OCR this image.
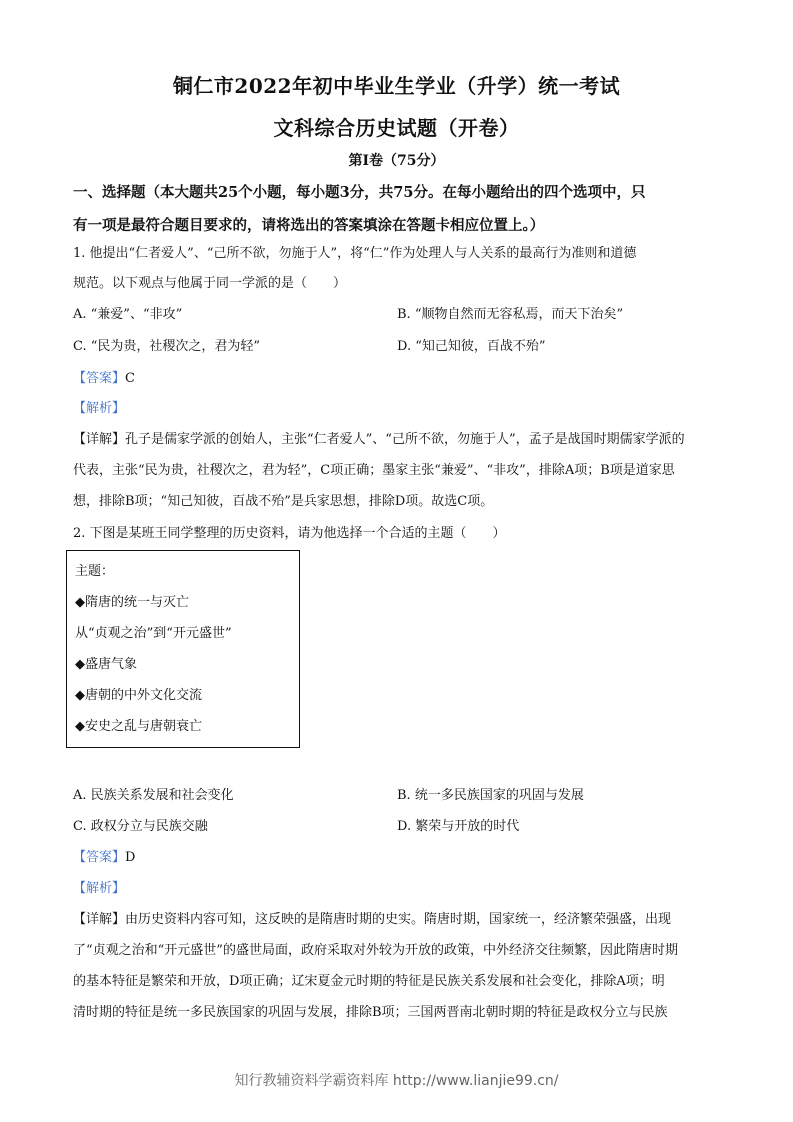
铜仁市2022年初中毕业生学业（升学）统一考试
文科综合历史试题（开卷）
第I卷（75分）
一、选择题（本大题共25个小题，每小题3分，共75分。在每小题给出的四个选项中，只
有一项是最符合题目要求的，请将选出的答案填涂在答题卡相应位置上。）
1. 他提出“仁者爱人”、“己所不欲，勿施于人”，将“仁”作为处理人与人关系的最高行为准则和道德
规范。以下观点与他属于同一学派的是（　　）
A. “兼爱”、“非攻”	B. “顺物自然而无容私焉，而天下治矣”
C. “民为贵，社稷次之，君为轻”	D. “知己知彼，百战不殆”
【答案】C
【解析】
【详解】孔子是儒家学派的创始人，主张“仁者爱人”、“己所不欲，勿施于人”，孟子是战国时期儒家学派的
代表，主张“民为贵，社稷次之，君为轻”，C项正确；墨家主张“兼爱”、“非攻”，排除A项；B项是道家思
想，排除B项；“知己知彼，百战不殆”是兵家思想，排除D项。故选C项。
2. 下图是某班王同学整理的历史资料，请为他选择一个合适的主题（　　）
主题：
◆隋唐的统一与灭亡
从“贞观之治”到“开元盛世”
◆盛唐气象
◆唐朝的中外文化交流
◆安史之乱与唐朝衰亡
A. 民族关系发展和社会变化	B. 统一多民族国家的巩固与发展
C. 政权分立与民族交融	D. 繁荣与开放的时代
【答案】D
【解析】
【详解】由历史资料内容可知，这反映的是隋唐时期的史实。隋唐时期，国家统一，经济繁荣强盛，出现
了“贞观之治和“开元盛世”的盛世局面，政府采取对外较为开放的政策，中外经济交往频繁，因此隋唐时期
的基本特征是繁荣和开放，D项正确；辽宋夏金元时期的特征是民族关系发展和社会变化，排除A项；明
清时期的特征是统一多民族国家的巩固与发展，排除B项；三国两晋南北朝时期的特征是政权分立与民族
知行教辅资料学霸资料库 http://www.lianjie99.cn/
